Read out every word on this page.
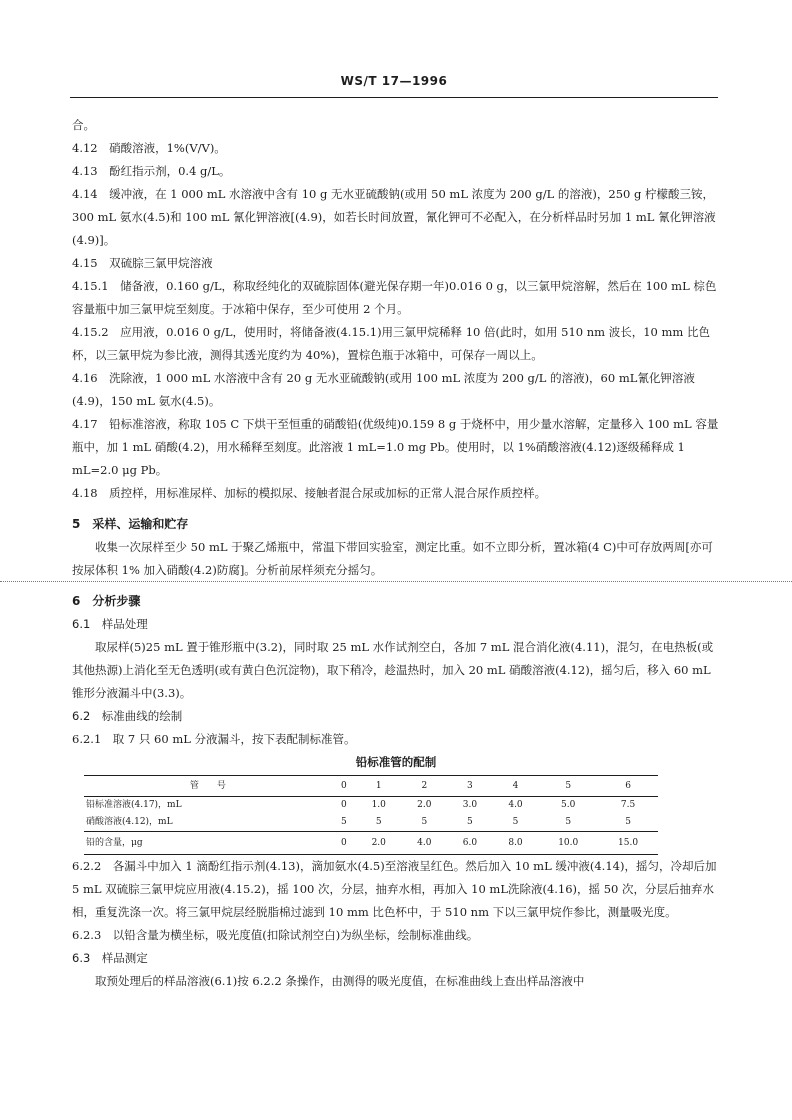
WS/T 17—1996

合。

4.12　硝酸溶液，1%(V/V)。

4.13　酚红指示剂，0.4 g/L。

4.14　缓冲液，在 1 000 mL 水溶液中含有 10 g 无水亚硫酸钠(或用 50 mL 浓度为 200 g/L 的溶液)，250 g 柠檬酸三铵，300 mL 氨水(4.5)和 100 mL 氰化钾溶液[(4.9)，如若长时间放置，氰化钾可不必配入，在分析样品时另加 1 mL 氰化钾溶液(4.9)]。

4.15　双硫腙三氯甲烷溶液

4.15.1　储备液，0.160 g/L，称取经纯化的双硫腙固体(避光保存期一年)0.016 0 g，以三氯甲烷溶解，然后在 100 mL 棕色容量瓶中加三氯甲烷至刻度。于冰箱中保存，至少可使用 2 个月。

4.15.2　应用液，0.016 0 g/L，使用时，将储备液(4.15.1)用三氯甲烷稀释 10 倍(此时，如用 510 nm 波长，10 mm 比色杯，以三氯甲烷为参比液，测得其透光度约为 40%)，置棕色瓶于冰箱中，可保存一周以上。

4.16　洗除液，1 000 mL 水溶液中含有 20 g 无水亚硫酸钠(或用 100 mL 浓度为 200 g/L 的溶液)，60 mL氰化钾溶液(4.9)，150 mL 氨水(4.5)。

4.17　铅标准溶液，称取 105 C 下烘干至恒重的硝酸铅(优级纯)0.159 8 g 于烧杯中，用少量水溶解，定量移入 100 mL 容量瓶中，加 1 mL 硝酸(4.2)，用水稀释至刻度。此溶液 1 mL=1.0 mg Pb。使用时，以 1%硝酸溶液(4.12)逐级稀释成 1 mL=2.0 μg Pb。

4.18　质控样，用标准尿样、加标的模拟尿、接触者混合尿或加标的正常人混合尿作质控样。

5　采样、运输和贮存

收集一次尿样至少 50 mL 于聚乙烯瓶中，常温下带回实验室，测定比重。如不立即分析，置冰箱(4 C)中可存放两周[亦可按尿体积 1% 加入硝酸(4.2)防腐]。分析前尿样须充分摇匀。

6　分析步骤

6.1　样品处理

取尿样(5)25 mL 置于锥形瓶中(3.2)，同时取 25 mL 水作试剂空白，各加 7 mL 混合消化液(4.11)，混匀，在电热板(或其他热源)上消化至无色透明(或有黄白色沉淀物)，取下稍冷，趁温热时，加入 20 mL 硝酸溶液(4.12)，摇匀后，移入 60 mL 锥形分液漏斗中(3.3)。

6.2　标准曲线的绘制

6.2.1　取 7 只 60 mL 分液漏斗，按下表配制标准管。

铅标准管的配制
管　　号	0	1	2	3	4	5	6
铅标准溶液(4.17)，mL	0	1.0	2.0	3.0	4.0	5.0	7.5
硝酸溶液(4.12)，mL	5	5	5	5	5	5	5
铅的含量，μg	0	2.0	4.0	6.0	8.0	10.0	15.0

6.2.2　各漏斗中加入 1 滴酚红指示剂(4.13)，滴加氨水(4.5)至溶液呈红色。然后加入 10 mL 缓冲液(4.14)，摇匀，冷却后加 5 mL 双硫腙三氯甲烷应用液(4.15.2)，摇 100 次，分层，抽弃水相，再加入 10 mL洗除液(4.16)，摇 50 次，分层后抽弃水相，重复洗涤一次。将三氯甲烷层经脱脂棉过滤到 10 mm 比色杯中，于 510 nm 下以三氯甲烷作参比，测量吸光度。

6.2.3　以铅含量为横坐标，吸光度值(扣除试剂空白)为纵坐标，绘制标准曲线。

6.3　样品测定

取预处理后的样品溶液(6.1)按 6.2.2 条操作，由测得的吸光度值，在标准曲线上查出样品溶液中
